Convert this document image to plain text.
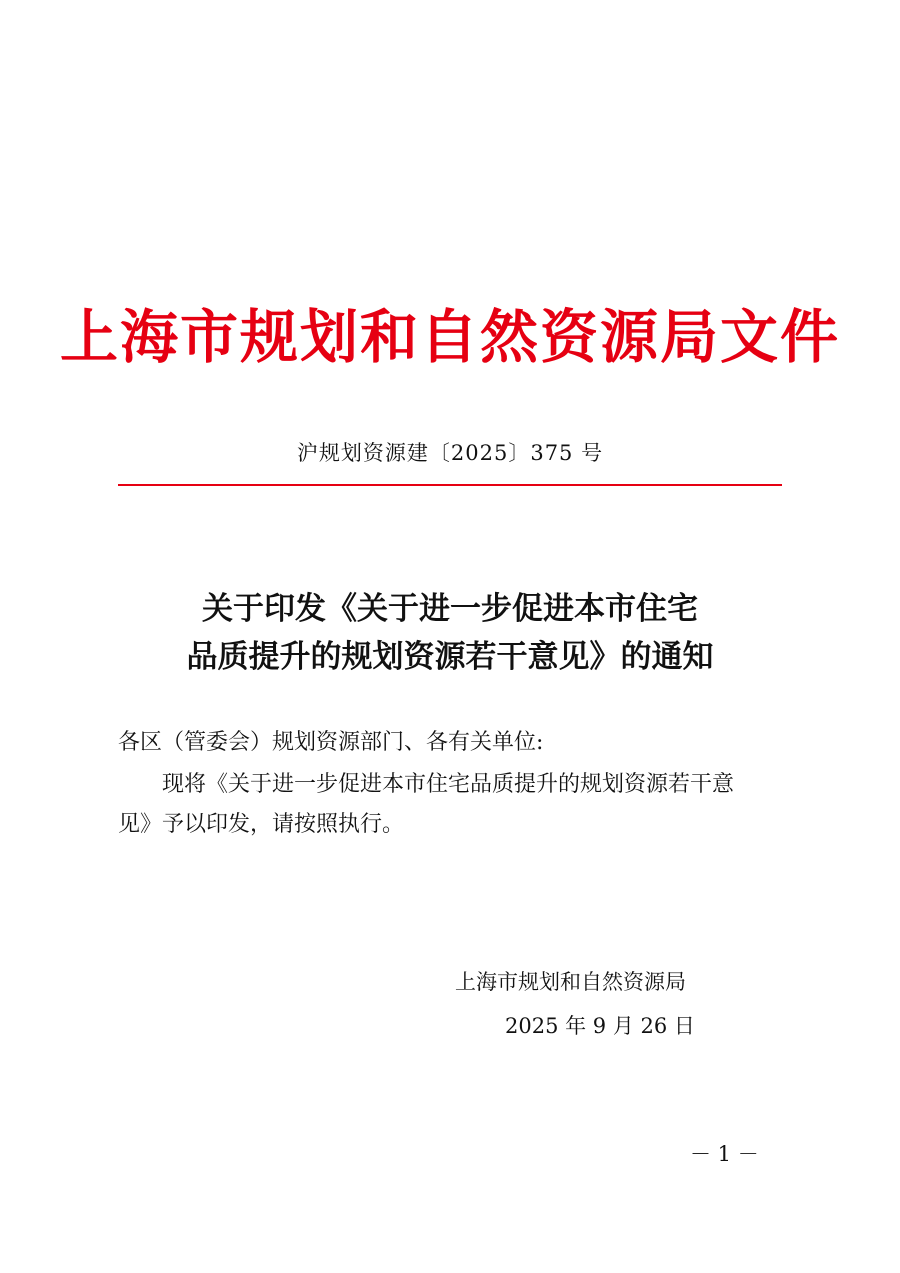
上海市规划和自然资源局文件
沪规划资源建〔2025〕375 号
关于印发《关于进一步促进本市住宅
品质提升的规划资源若干意见》的通知
各区（管委会）规划资源部门、各有关单位:
现将《关于进一步促进本市住宅品质提升的规划资源若干意
见》予以印发，请按照执行。
上海市规划和自然资源局
2025 年 9 月 26 日
－ 1 －
